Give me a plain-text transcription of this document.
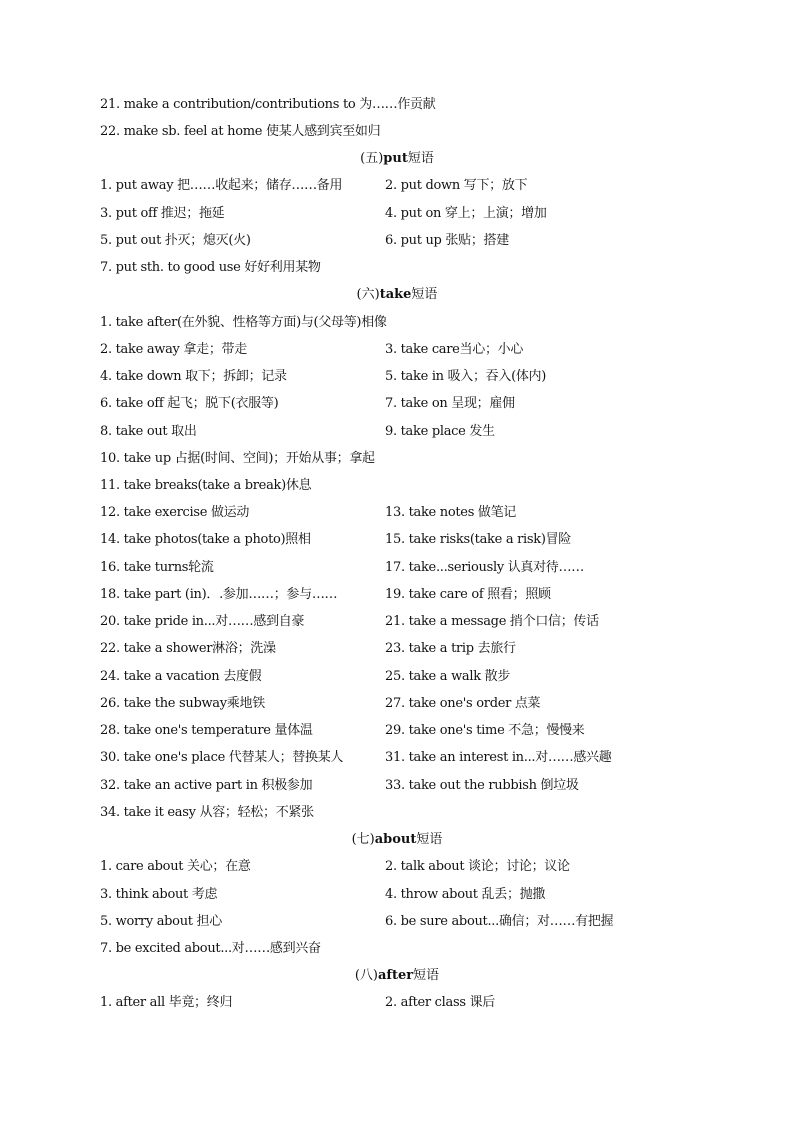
21. make a contribution/contributions to 为……作贡献
22. make sb. feel at home 使某人感到宾至如归
(五)put短语
1. put away 把……收起来；储存……备用	2. put down 写下；放下
3. put off 推迟；拖延	4. put on 穿上；上演；增加
5. put out 扑灭；熄灭(火)	6. put up 张贴；搭建
7. put sth. to good use 好好利用某物
(六)take短语
1. take after(在外貌、性格等方面)与(父母等)相像
2. take away 拿走；带走	3. take care当心；小心
4. take down 取下；拆卸；记录	5. take in 吸入；吞入(体内)
6. take off 起飞；脱下(衣服等)	7. take on 呈现；雇佣
8. take out 取出	9. take place 发生
10. take up 占据(时间、空间)；开始从事；拿起
11. take breaks(take a break)休息
12. take exercise 做运动	13. take notes 做笔记
14. take photos(take a photo)照相	15. take risks(take a risk)冒险
16. take turns轮流	17. take...seriously 认真对待……
18. take part (in)．.参加……；参与……	19. take care of 照看；照顾
20. take pride in...对……感到自豪	21. take a message 捎个口信；传话
22. take a shower淋浴；洗澡	23. take a trip 去旅行
24. take a vacation 去度假	25. take a walk 散步
26. take the subway乘地铁	27. take one's order 点菜
28. take one's temperature 量体温	29. take one's time 不急；慢慢来
30. take one's place 代替某人；替换某人	31. take an interest in...对……感兴趣
32. take an active part in 积极参加	33. take out the rubbish 倒垃圾
34. take it easy 从容；轻松；不紧张
(七)about短语
1. care about 关心；在意	2. talk about 谈论；讨论；议论
3. think about 考虑	4. throw about 乱丢；抛撒
5. worry about 担心	6. be sure about...确信；对……有把握
7. be excited about...对……感到兴奋
(八)after短语
1. after all 毕竟；终归	2. after class 课后
